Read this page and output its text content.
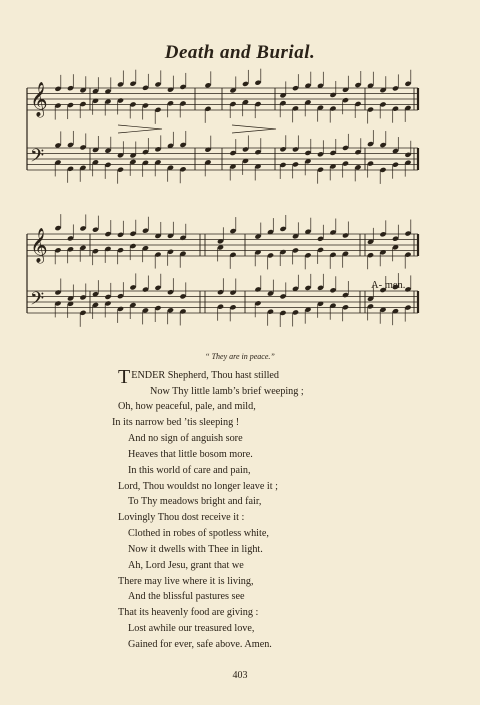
Death and Burial.
𝄞
𝄢
𝄞
𝄢
A- men.
“ They are in peace.”
TENDER Shepherd, Thou hast stilled
Now Thy little lamb’s brief weeping ;
Oh, how peaceful, pale, and mild,
In its narrow bed ’tis sleeping !
And no sign of anguish sore
Heaves that little bosom more.
In this world of care and pain,
Lord, Thou wouldst no longer leave it ;
To Thy meadows bright and fair,
Lovingly Thou dost receive it :
Clothed in robes of spotless white,
Now it dwells with Thee in light.
Ah, Lord Jesu, grant that we
There may live where it is living,
And the blissful pastures see
That its heavenly food are giving :
Lost awhile our treasured love,
Gained for ever, safe above. Amen.
403
